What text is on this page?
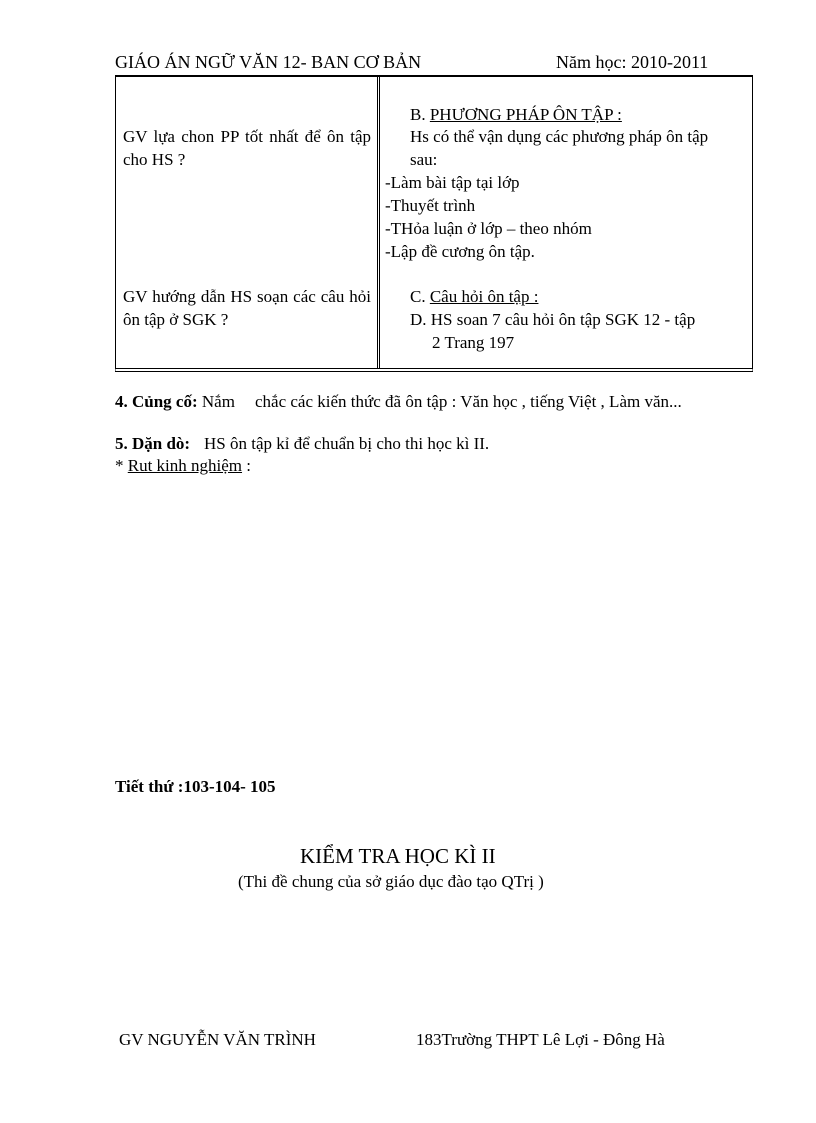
GIÁO ÁN NGỮ VĂN 12- BAN CƠ BẢN	Năm học: 2010-2011
GV lựa chon PP tốt nhất để ôn tập cho HS ?
GV hướng dẫn HS soạn các câu hỏi ôn tập ở SGK ?
B. PHƯƠNG PHÁP ÔN TẬP :
Hs có thể vận dụng các phương pháp ôn tập
sau:
-Làm bài tập tại lớp
-Thuyết trình
-THỏa luận ở lớp – theo nhóm
-Lập đề cương ôn tập.
C. Câu hỏi ôn tập :
D. HS soan 7 câu hỏi ôn tập SGK 12 - tập
2 Trang 197
4. Củng cố: Nắm chắc các kiến thức đã ôn tập : Văn học , tiếng Việt , Làm văn...
5. Dặn dò: HS ôn tập kỉ để chuẩn bị cho thi học kì II.
* Rut kinh nghiệm :
Tiết thứ :103-104- 105
KIỂM TRA HỌC KÌ II
(Thi đề chung của sở giáo dục đào tạo QTrị )
GV NGUYỄN VĂN TRÌNH	183Trường THPT Lê Lợi - Đông Hà
